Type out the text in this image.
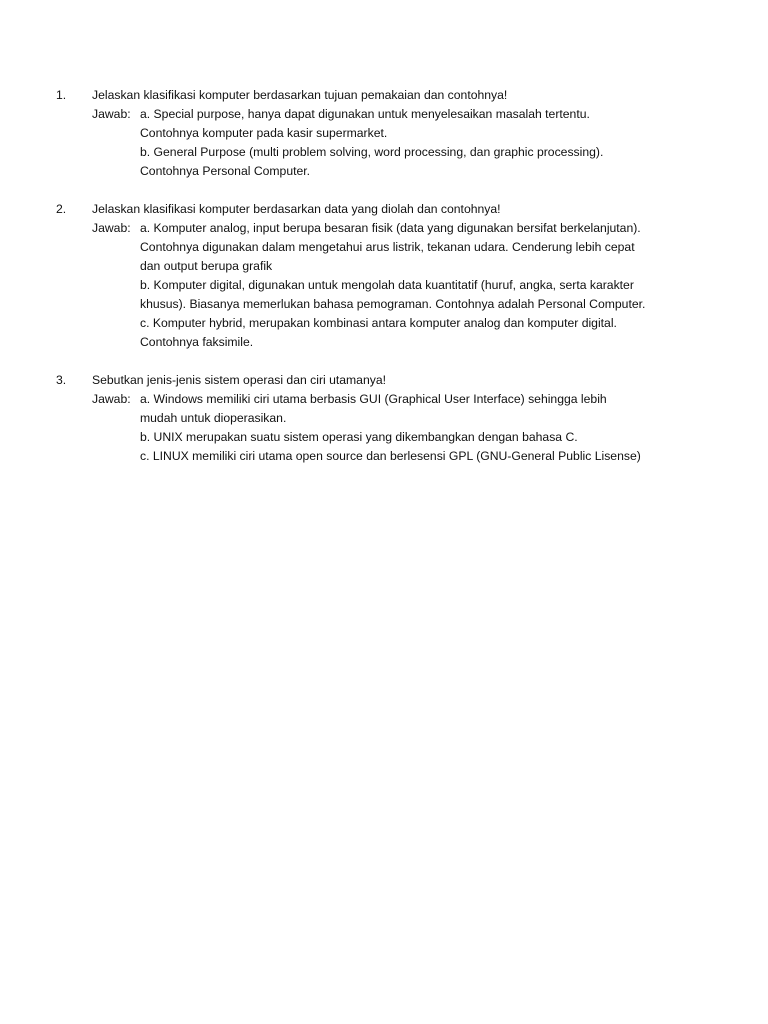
1. Jelaskan klasifikasi komputer berdasarkan tujuan pemakaian dan contohnya!
Jawab: a. Special purpose, hanya dapat digunakan untuk menyelesaikan masalah tertentu.
Contohnya komputer pada kasir supermarket.
b. General Purpose (multi problem solving, word processing, dan graphic processing).
Contohnya Personal Computer.
2. Jelaskan klasifikasi komputer berdasarkan data yang diolah dan contohnya!
Jawab: a. Komputer analog, input berupa besaran fisik (data yang digunakan bersifat berkelanjutan).
Contohnya digunakan dalam mengetahui arus listrik, tekanan udara. Cenderung lebih cepat
dan output berupa grafik
b. Komputer digital, digunakan untuk mengolah data kuantitatif (huruf, angka, serta karakter
khusus). Biasanya memerlukan bahasa pemograman. Contohnya adalah Personal Computer.
c. Komputer hybrid, merupakan kombinasi antara komputer analog dan komputer digital.
Contohnya faksimile.
3. Sebutkan jenis-jenis sistem operasi dan ciri utamanya!
Jawab: a. Windows memiliki ciri utama berbasis GUI (Graphical User Interface) sehingga lebih
mudah untuk dioperasikan.
b. UNIX merupakan suatu sistem operasi yang dikembangkan dengan bahasa C.
c. LINUX memiliki ciri utama open source dan berlesensi GPL (GNU-General Public Lisense)
